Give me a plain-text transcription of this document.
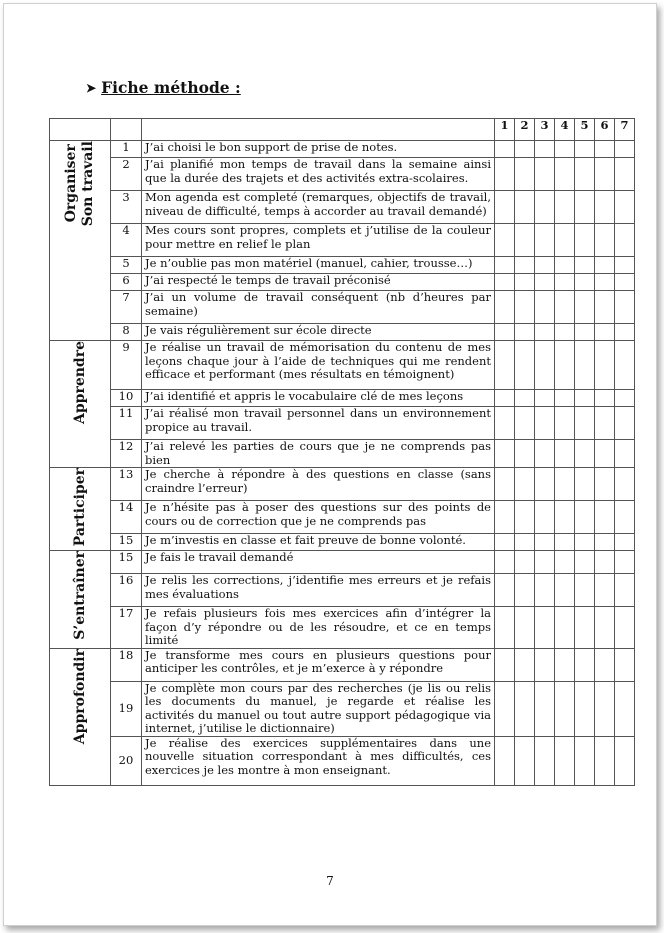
➤ Fiche méthode :
			1	2	3	4	5	6	7

Organiser Son travail	1	J’ai choisi le bon support de prise de notes.							
	2	J’ai planifié mon temps de travail dans la semaine ainsi que la durée des trajets et des activités extra-scolaires.							
	3	Mon agenda est completé (remarques, objectifs de travail, niveau de difficulté, temps à accorder au travail demandé)							
	4	Mes cours sont propres, complets et j’utilise de la couleur pour mettre en relief le plan							
	5	Je n’oublie pas mon matériel (manuel, cahier, trousse…)							
	6	J’ai respecté le temps de travail préconisé							
	7	J’ai un volume de travail conséquent (nb d’heures par semaine)							
	8	Je vais régulièrement sur école directe							

Apprendre	9	Je réalise un travail de mémorisation du contenu de mes leçons chaque jour à l’aide de techniques qui me rendent efficace et performant (mes résultats en témoignent)							
	10	J’ai identifié et appris le vocabulaire clé de mes leçons							
	11	J’ai réalisé mon travail personnel dans un environnement propice au travail.							
	12	J’ai relevé les parties de cours que je ne comprends pas bien							

Participer	13	Je cherche à répondre à des questions en classe (sans craindre l’erreur)							
	14	Je n’hésite pas à poser des questions sur des points de cours ou de correction que je ne comprends pas							
	15	Je m’investis en classe et fait preuve de bonne volonté.							

S’entraîner	15	Je fais le travail demandé							
	16	Je relis les corrections, j’identifie mes erreurs et je refais mes évaluations							
	17	Je refais plusieurs fois mes exercices afin d’intégrer la façon d’y répondre ou de les résoudre, et ce en temps limité							

Approfondir	18	Je transforme mes cours en plusieurs questions pour anticiper les contrôles, et je m’exerce à y répondre							
	19	Je complète mon cours par des recherches (je lis ou relis les documents du manuel, je regarde et réalise les activités du manuel ou tout autre support pédagogique via internet, j’utilise le dictionnaire)							
	20	Je réalise des exercices supplémentaires dans une nouvelle situation correspondant à mes difficultés, ces exercices je les montre à mon enseignant.							
7
